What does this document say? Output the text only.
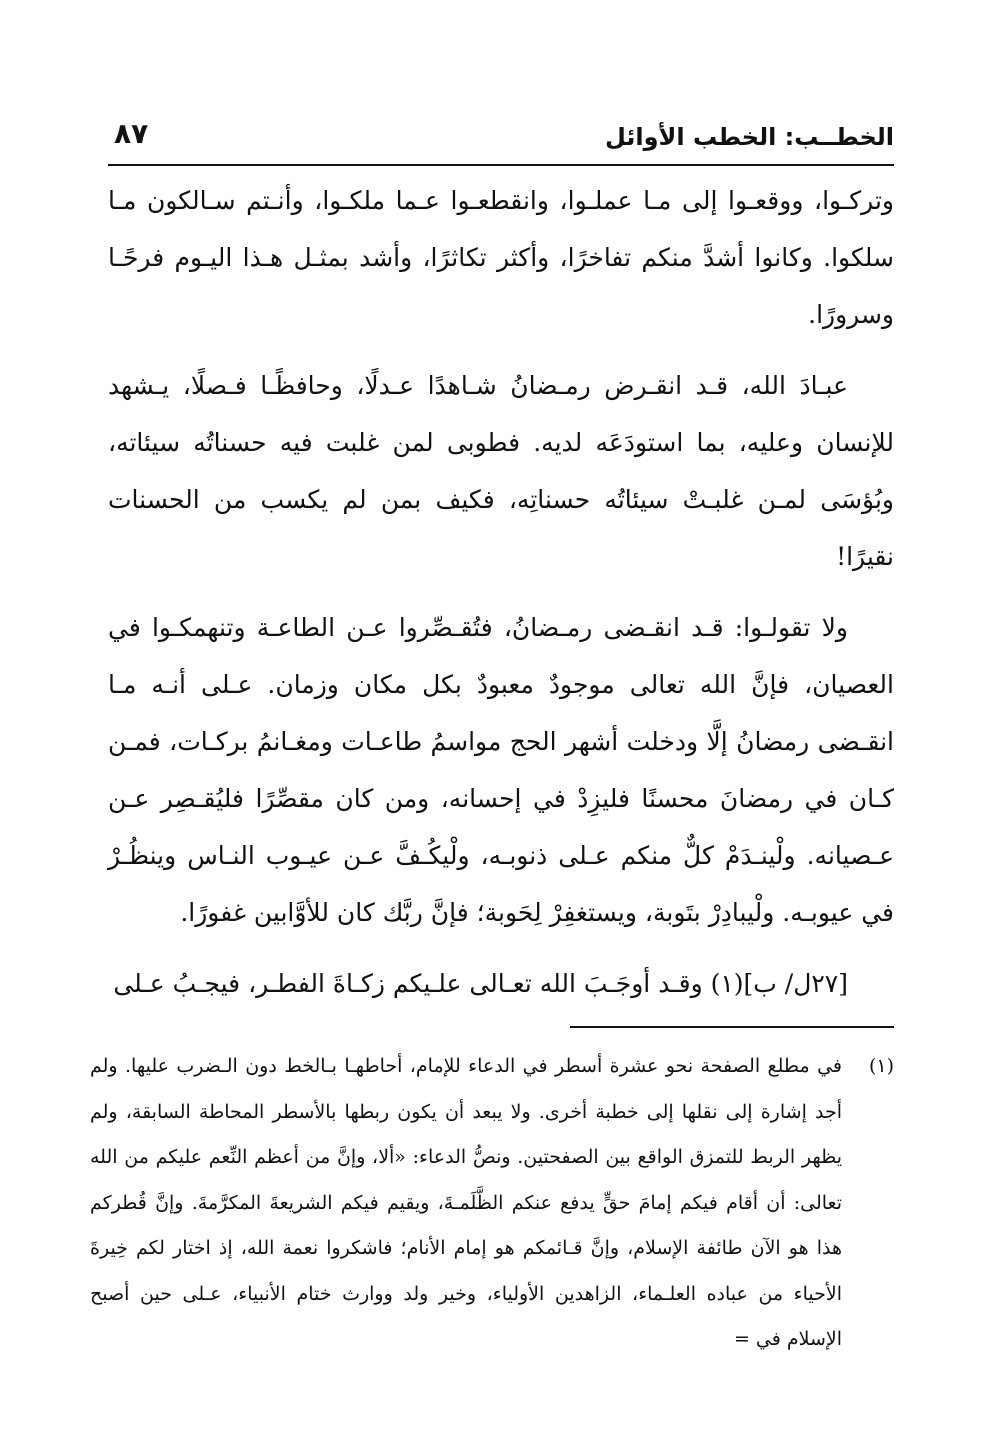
الخطــب: الخطب الأوائل
٨٧

وتركـوا، ووقعـوا إلى مـا عملـوا، وانقطعـوا عـما ملكـوا، وأنـتم سـالكون مـا سلكوا. وكانوا أشدَّ منكم تفاخرًا، وأكثر تكاثرًا، وأشد بمثـل هـذا اليـوم فرحًـا وسرورًا.

عبـادَ الله، قـد انقـرض رمـضانُ شـاهدًا عـدلًا، وحافظًـا فـصلًا، يـشهد للإنسان وعليه، بما استودَعَه لديه. فطوبى لمن غلبت فيه حسناتُه سيئاته، وبُؤسَى لمـن غلبـتْ سيئاتُه حسناتِه، فكيف بمن لم يكسب من الحسنات نقيرًا!

ولا تقولـوا: قـد انقـضى رمـضانُ، فتُقـصِّروا عـن الطاعـة وتنهمكـوا في العصيان، فإنَّ الله تعالى موجودٌ معبودٌ بكل مكان وزمان. عـلى أنـه مـا انقـضى رمضانُ إلَّا ودخلت أشهر الحج مواسمُ طاعـات ومغـانمُ بركـات، فمـن كـان في رمضانَ محسنًا فليزِدْ في إحسانه، ومن كان مقصِّرًا فليُقـصِر عـن عـصيانه. ولْينـدَمْ كلٌّ منكم عـلى ذنوبـه، ولْيكُـفَّ عـن عيـوب النـاس وينظُـرْ في عيوبـه. ولْيبادِرْ بتَوبة، ويستغفِرْ لِحَوبة؛ فإنَّ ربَّك كان للأوَّابين غفورًا.

[٢٧ل/ ب](١) وقـد أوجَـبَ الله تعـالى علـيكم زكـاةَ الفطـر، فيجـبُ عـلى

(١)
في مطلع الصفحة نحو عشرة أسطر في الدعاء للإمام، أحاطهـا بـالخط دون الـضرب عليها. ولم أجد إشارة إلى نقلها إلى خطبة أخرى. ولا يبعد أن يكون ربطها بالأسطر المحاطة السابقة، ولم يظهر الربط للتمزق الواقع بين الصفحتين. ونصُّ الدعاء: «ألا، وإنَّ من أعظم النِّعم عليكم من الله تعالى: أن أقام فيكم إمامَ حقٍّ يدفع عنكم الظَّلَمـةَ، ويقيم فيكم الشريعةَ المكرَّمةَ. وإنَّ قُطركم هذا هو الآن طائفة الإسلام، وإنَّ قـائمكم هو إمام الأنام؛ فاشكروا نعمة الله، إذ اختار لكم خِيرةَ الأحياء من عباده العلـماء، الزاهدين الأولياء، وخير ولد ووارث ختام الأنبياء، عـلى حين أصبح الإسلام في =
